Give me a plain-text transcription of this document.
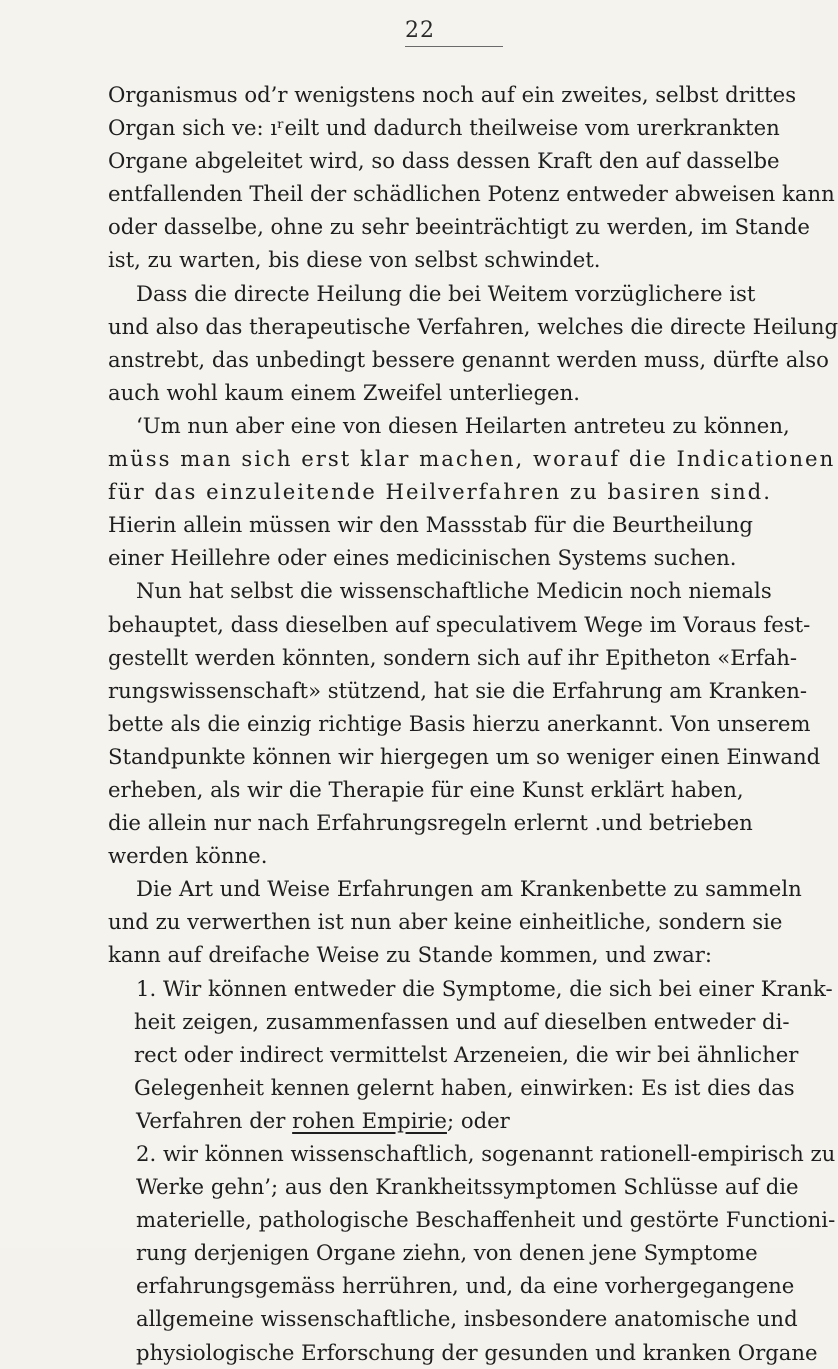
22
Organismus od’r wenigstens noch auf ein zweites, selbst drittes
Organ sich ve: ıʳeilt und dadurch theilweise vom urerkrankten
Organe abgeleitet wird, so dass dessen Kraft den auf dasselbe
entfallenden Theil der schädlichen Potenz entweder abweisen kann
oder dasselbe, ohne zu sehr beeinträchtigt zu werden, im Stande
ist, zu warten, bis diese von selbst schwindet.
Dass die directe Heilung die bei Weitem vorzüglichere ist
und also das therapeutische Verfahren, welches die directe Heilung
anstrebt, das unbedingt bessere genannt werden muss, dürfte also
auch wohl kaum einem Zweifel unterliegen.
‘Um nun aber eine von diesen Heilarten antreteu zu können,
müss man sich erst klar machen, worauf die Indicationen
für das einzuleitende Heilverfahren zu basiren sind.
Hierin allein müssen wir den Massstab für die Beurtheilung
einer Heillehre oder eines medicinischen Systems suchen.
Nun hat selbst die wissenschaftliche Medicin noch niemals
behauptet, dass dieselben auf speculativem Wege im Voraus fest-
gestellt werden könnten, sondern sich auf ihr Epitheton «Erfah-
rungswissenschaft» stützend, hat sie die Erfahrung am Kranken-
bette als die einzig richtige Basis hierzu anerkannt. Von unserem
Standpunkte können wir hiergegen um so weniger einen Einwand
erheben, als wir die Therapie für eine Kunst erklärt haben,
die allein nur nach Erfahrungsregeln erlernt .und betrieben
werden könne.
Die Art und Weise Erfahrungen am Krankenbette zu sammeln
und zu verwerthen ist nun aber keine einheitliche, sondern sie
kann auf dreifache Weise zu Stande kommen, und zwar:
1. Wir können entweder die Symptome, die sich bei einer Krank-
heit zeigen, zusammenfassen und auf dieselben entweder di-
rect oder indirect vermittelst Arzeneien, die wir bei ähnlicher
Gelegenheit kennen gelernt haben, einwirken: Es ist dies das
Verfahren der rohen Empirie; oder
2. wir können wissenschaftlich, sogenannt rationell-empirisch zu
Werke gehn’; aus den Krankheitssymptomen Schlüsse auf die
materielle, pathologische Beschaffenheit und gestörte Functioni-
rung derjenigen Organe ziehn, von denen jene Symptome
erfahrungsgemäss herrühren, und, da eine vorhergegangene
allgemeine wissenschaftliche, insbesondere anatomische und
physiologische Erforschung der gesunden und kranken Organe
